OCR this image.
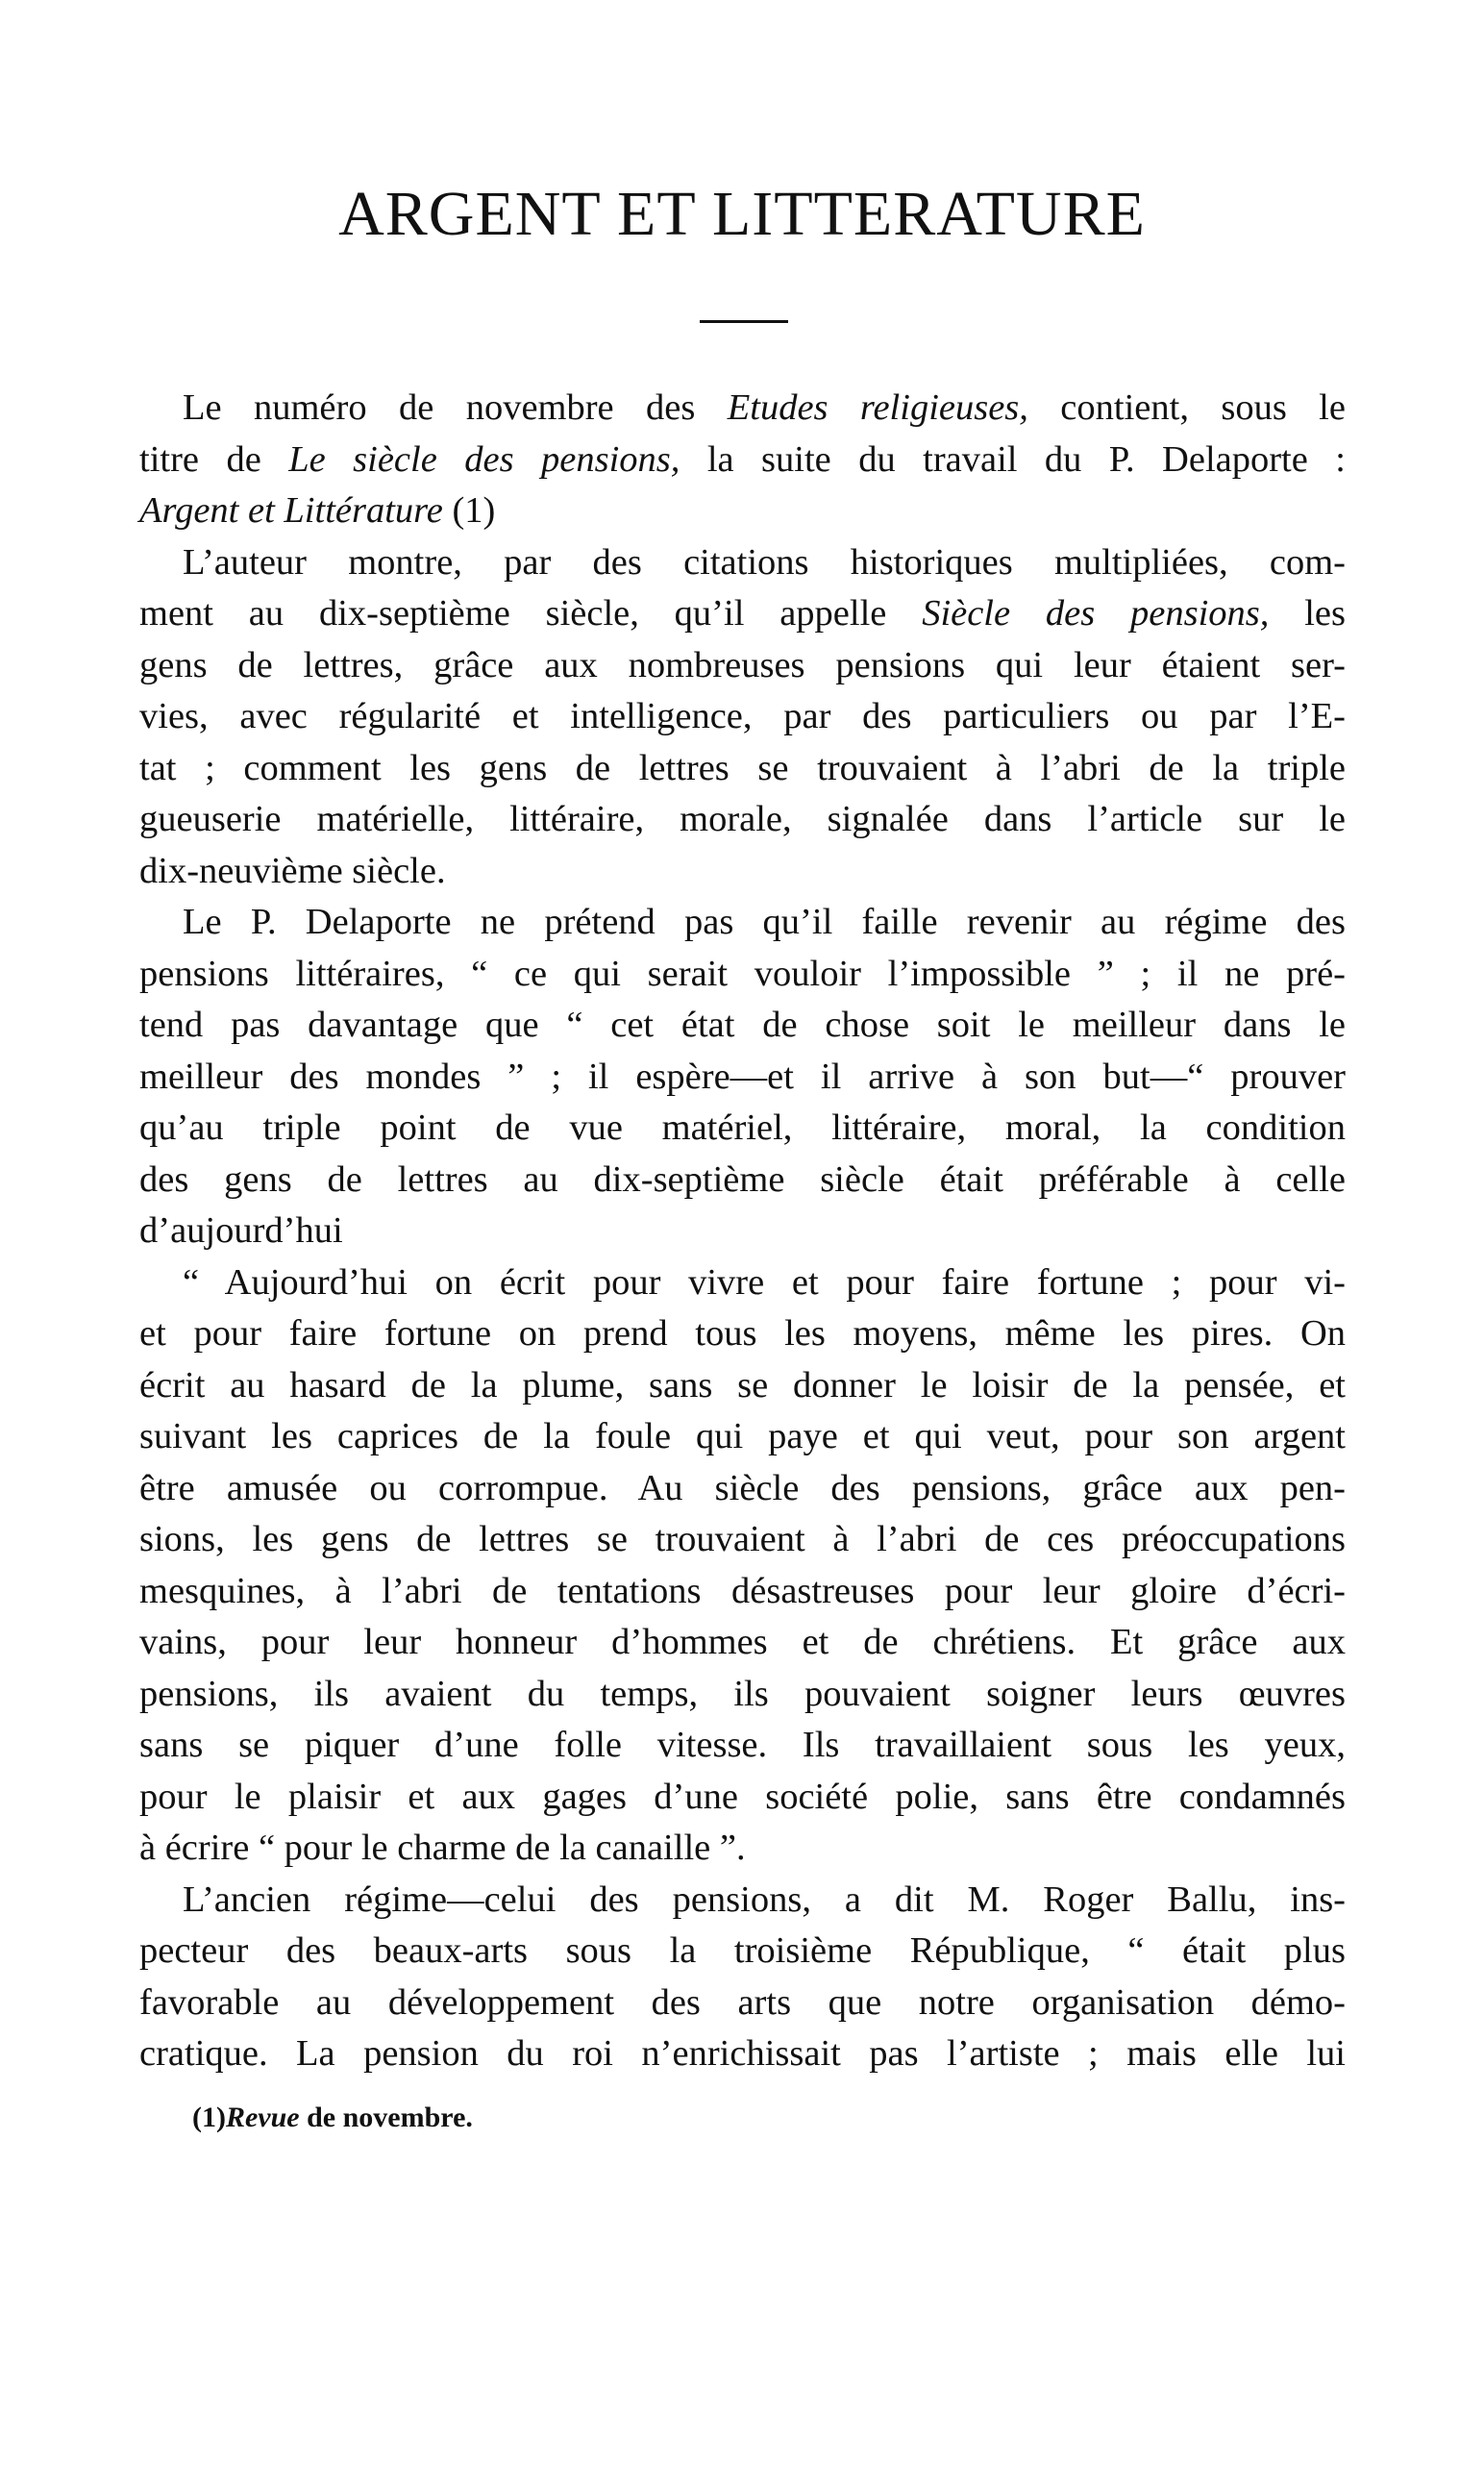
ARGENT ET LITTERATURE

Le numéro de novembre des Etudes religieuses, contient, sous le
titre de Le siècle des pensions, la suite du travail du P. Delaporte :
Argent et Littérature (1)

L’auteur montre, par des citations historiques multipliées, com-
ment au dix-septième siècle, qu’il appelle Siècle des pensions, les
gens de lettres, grâce aux nombreuses pensions qui leur étaient ser-
vies, avec régularité et intelligence, par des particuliers ou par l’E-
tat ; comment les gens de lettres se trouvaient à l’abri de la triple
gueuserie matérielle, littéraire, morale, signalée dans l’article sur le
dix-neuvième siècle.

Le P. Delaporte ne prétend pas qu’il faille revenir au régime des
pensions littéraires, “ ce qui serait vouloir l’impossible ” ; il ne pré-
tend pas davantage que “ cet état de chose soit le meilleur dans le
meilleur des mondes ” ; il espère—et il arrive à son but—“ prouver
qu’au triple point de vue matériel, littéraire, moral, la condition
des gens de lettres au dix-septième siècle était préférable à celle
d’aujourd’hui

“ Aujourd’hui on écrit pour vivre et pour faire fortune ; pour vi-
et pour faire fortune on prend tous les moyens, même les pires. On
écrit au hasard de la plume, sans se donner le loisir de la pensée, et
suivant les caprices de la foule qui paye et qui veut, pour son argent
être amusée ou corrompue. Au siècle des pensions, grâce aux pen-
sions, les gens de lettres se trouvaient à l’abri de ces préoccupations
mesquines, à l’abri de tentations désastreuses pour leur gloire d’écri-
vains, pour leur honneur d’hommes et de chrétiens. Et grâce aux
pensions, ils avaient du temps, ils pouvaient soigner leurs œuvres
sans se piquer d’une folle vitesse. Ils travaillaient sous les yeux,
pour le plaisir et aux gages d’une société polie, sans être condamnés
à écrire “ pour le charme de la canaille ”.

L’ancien régime—celui des pensions, a dit M. Roger Ballu, ins-
pecteur des beaux-arts sous la troisième République, “ était plus
favorable au développement des arts que notre organisation démo-
cratique. La pension du roi n’enrichissait pas l’artiste ; mais elle lui

(1)Revue de novembre.
